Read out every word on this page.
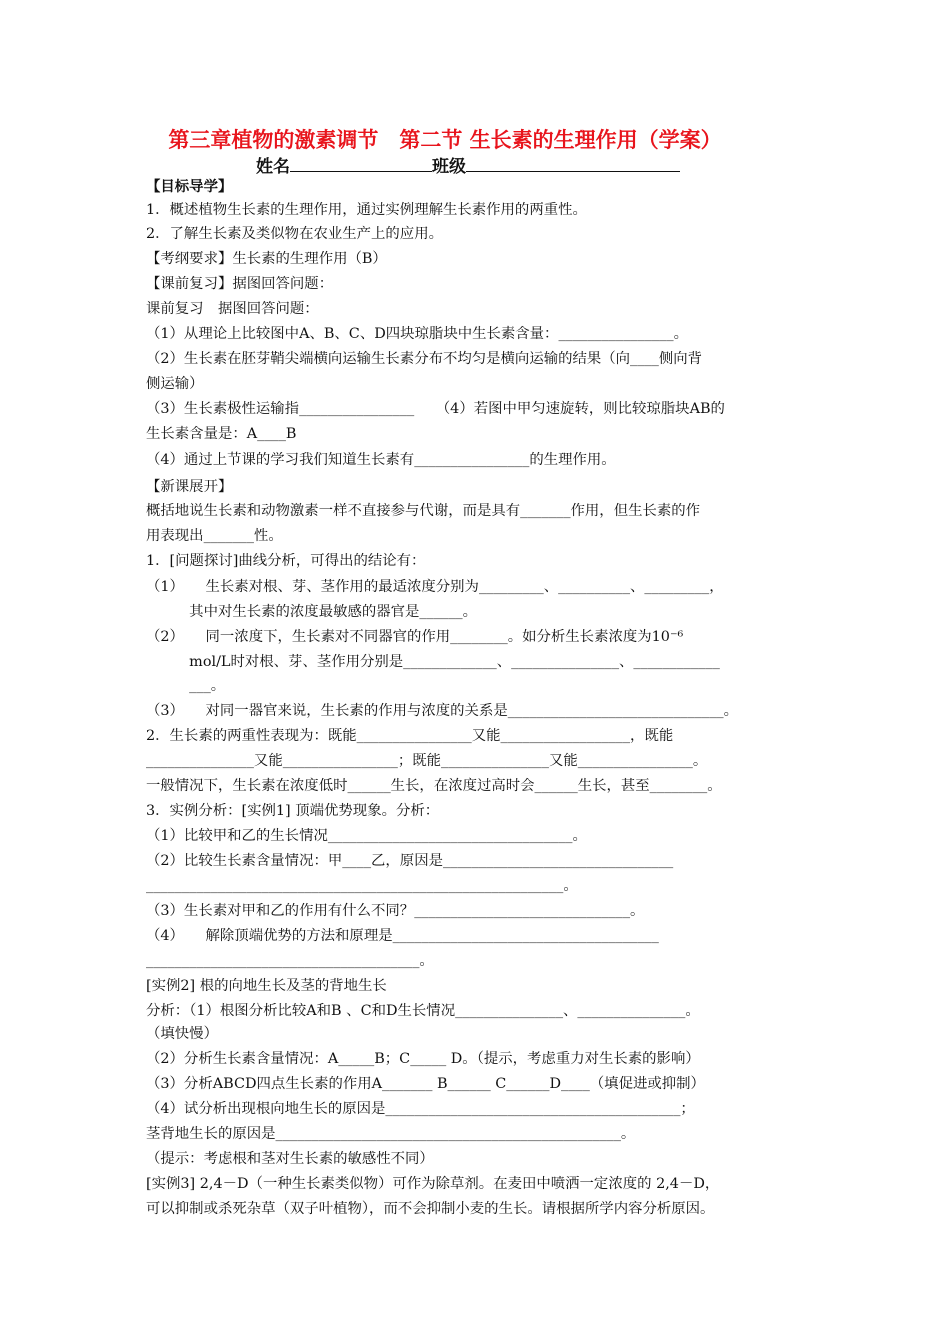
第三章植物的激素调节　第二节 生长素的生理作用（学案）
姓名	班级
【目标导学】
1．概述植物生长素的生理作用，通过实例理解生长素作用的两重性。
2．了解生长素及类似物在农业生产上的应用。
【考纲要求】生长素的生理作用（B）
【课前复习】据图回答问题：
课前复习　据图回答问题：
（1）从理论上比较图中A、B、C、D四块琼脂块中生长素含量：________________。
（2）生长素在胚芽鞘尖端横向运输生长素分布不均匀是横向运输的结果（向____侧向背
侧运输）
（3）生长素极性运输指________________　　（4）若图中甲匀速旋转，则比较琼脂块AB的
生长素含量是：A____B
（4）通过上节课的学习我们知道生长素有________________的生理作用。
【新课展开】
概括地说生长素和动物激素一样不直接参与代谢，而是具有_______作用，但生长素的作
用表现出_______性。
1．[问题探讨]曲线分析，可得出的结论有：
（1）　　生长素对根、芽、茎作用的最适浓度分别为_________、__________、_________，
　　　其中对生长素的浓度最敏感的器官是______。
（2）　　同一浓度下，生长素对不同器官的作用________。如分析生长素浓度为10⁻⁶
　　　mol/L时对根、芽、茎作用分别是_____________、_______________、____________
　　　___。
（3）　　对同一器官来说，生长素的作用与浓度的关系是______________________________。
2．生长素的两重性表现为：既能________________又能__________________，既能
_______________又能________________；既能_______________又能________________。
一般情况下，生长素在浓度低时______生长，在浓度过高时会______生长，甚至________。
3．实例分析：[实例1] 顶端优势现象。分析：
（1）比较甲和乙的生长情况__________________________________。
（2）比较生长素含量情况：甲____乙，原因是________________________________
__________________________________________________________。
（3）生长素对甲和乙的作用有什么不同？______________________________。
（4）　　解除顶端优势的方法和原理是_____________________________________
______________________________________。
[实例2] 根的向地生长及茎的背地生长
分析：（1）根图分析比较A和B 、C和D生长情况_______________、_______________。
（填快慢）
（2）分析生长素含量情况：A_____B；C_____ D。（提示，考虑重力对生长素的影响）
（3）分析ABCD四点生长素的作用A_______ B______ C______D____（填促进或抑制）
（4）试分析出现根向地生长的原因是_________________________________________；
茎背地生长的原因是________________________________________________。
（提示：考虑根和茎对生长素的敏感性不同）
[实例3] 2,4－D（一种生长素类似物）可作为除草剂。在麦田中喷洒一定浓度的 2,4－D，
可以抑制或杀死杂草（双子叶植物），而不会抑制小麦的生长。请根据所学内容分析原因。
